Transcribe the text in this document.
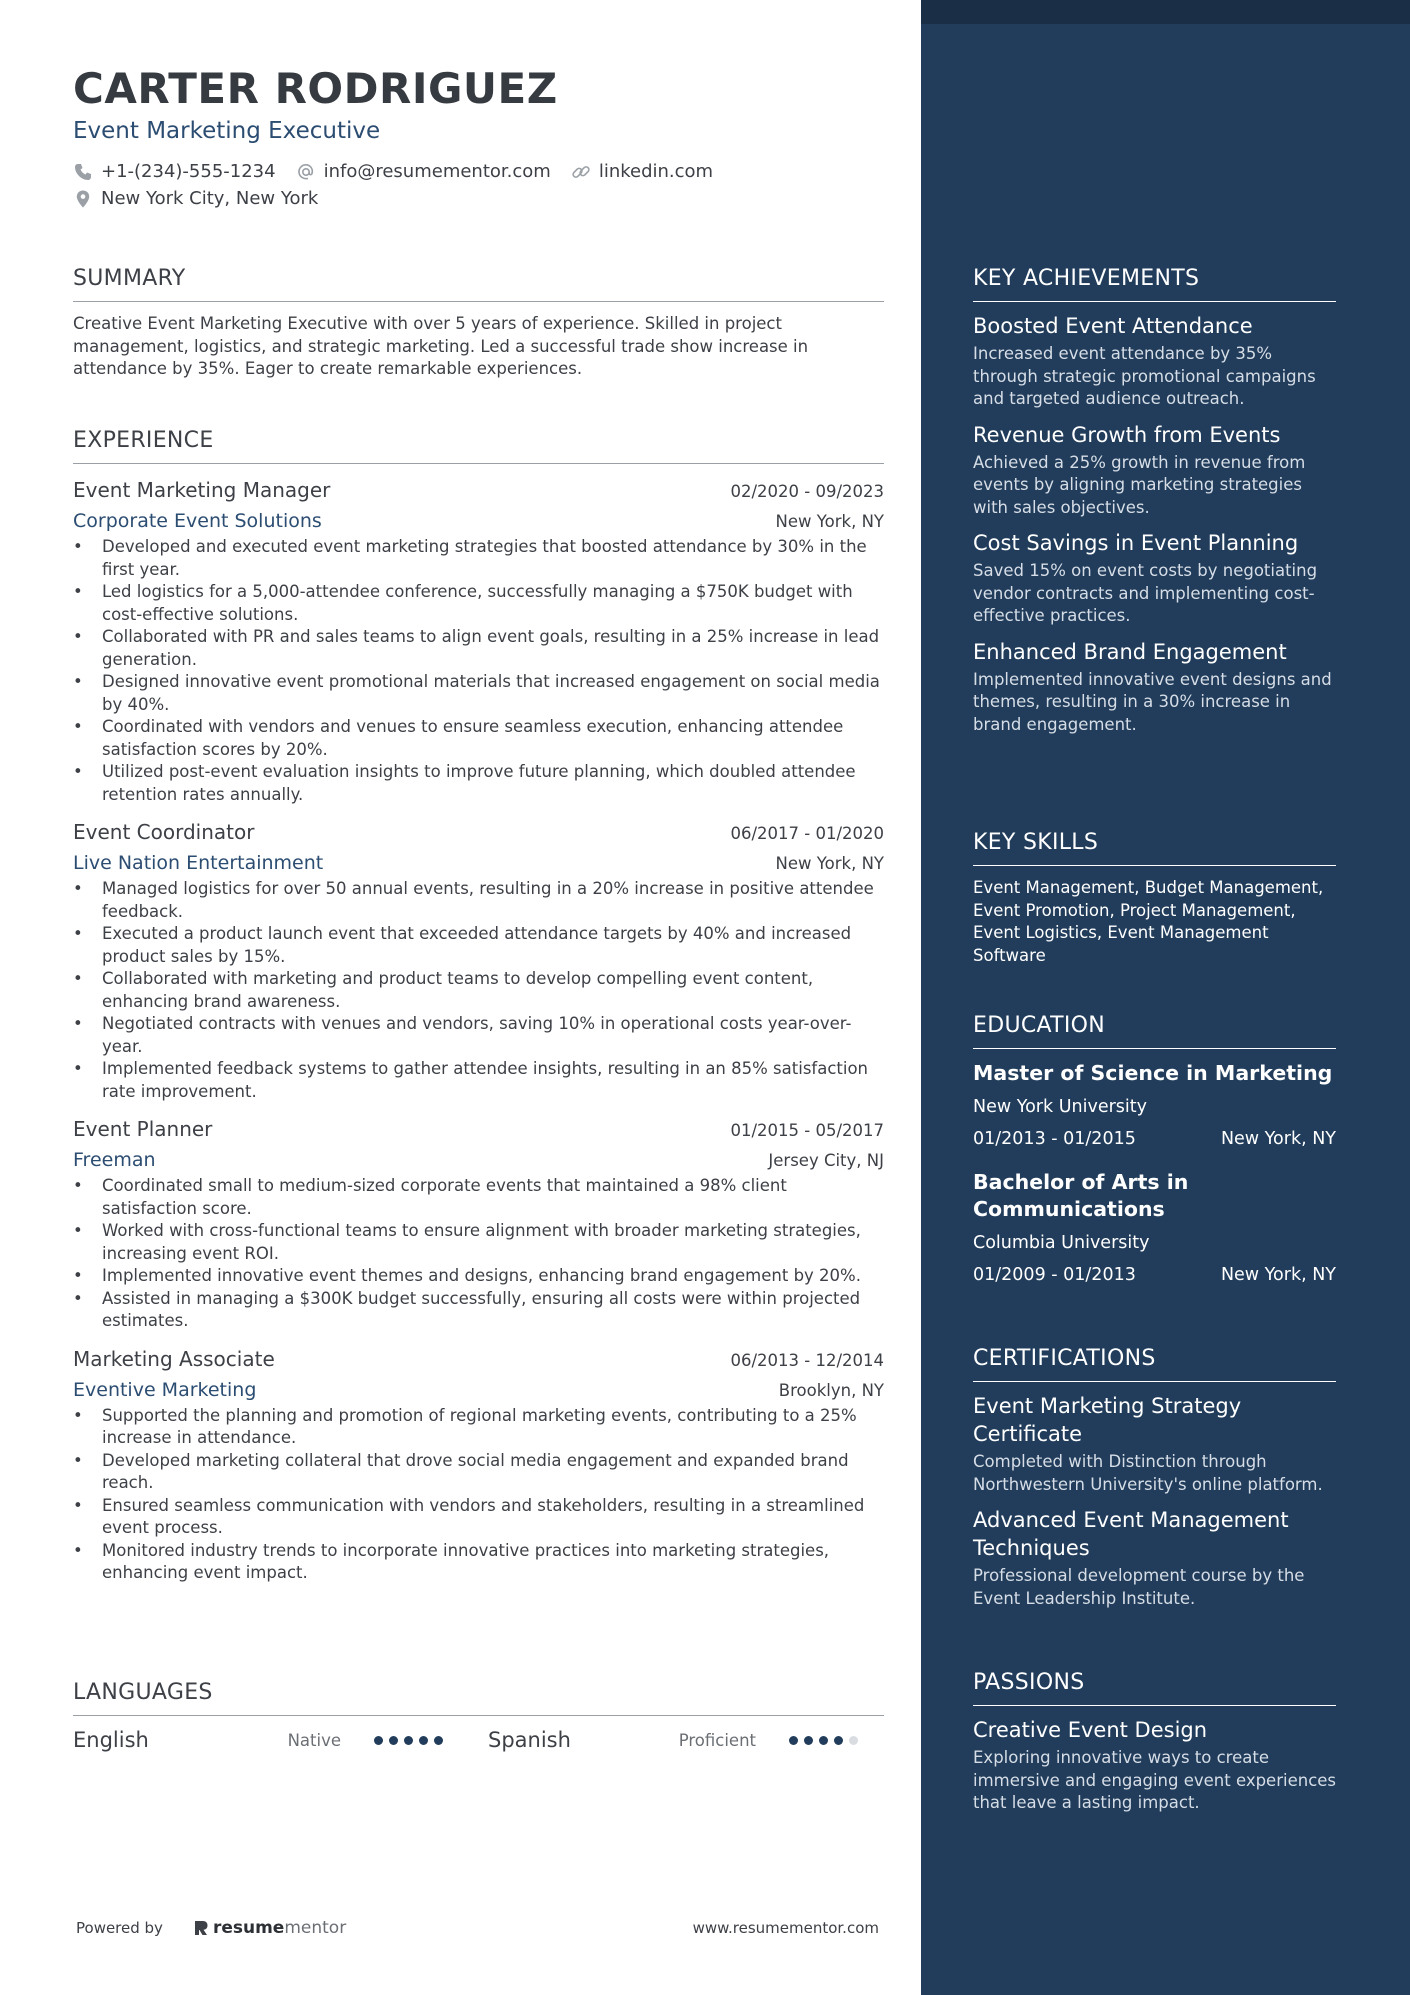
CARTER RODRIGUEZ
Event Marketing Executive
+1-(234)-555-1234	info@resumementor.com	linkedin.com
New York City, New York
SUMMARY
Creative Event Marketing Executive with over 5 years of experience. Skilled in project management, logistics, and strategic marketing. Led a successful trade show increase in attendance by 35%. Eager to create remarkable experiences.
EXPERIENCE
Event Marketing Manager	02/2020 - 09/2023
Corporate Event Solutions	New York, NY
• Developed and executed event marketing strategies that boosted attendance by 30% in the first year.
• Led logistics for a 5,000-attendee conference, successfully managing a $750K budget with cost-effective solutions.
• Collaborated with PR and sales teams to align event goals, resulting in a 25% increase in lead generation.
• Designed innovative event promotional materials that increased engagement on social media by 40%.
• Coordinated with vendors and venues to ensure seamless execution, enhancing attendee satisfaction scores by 20%.
• Utilized post-event evaluation insights to improve future planning, which doubled attendee retention rates annually.
Event Coordinator	06/2017 - 01/2020
Live Nation Entertainment	New York, NY
• Managed logistics for over 50 annual events, resulting in a 20% increase in positive attendee feedback.
• Executed a product launch event that exceeded attendance targets by 40% and increased product sales by 15%.
• Collaborated with marketing and product teams to develop compelling event content, enhancing brand awareness.
• Negotiated contracts with venues and vendors, saving 10% in operational costs year-over-year.
• Implemented feedback systems to gather attendee insights, resulting in an 85% satisfaction rate improvement.
Event Planner	01/2015 - 05/2017
Freeman	Jersey City, NJ
• Coordinated small to medium-sized corporate events that maintained a 98% client satisfaction score.
• Worked with cross-functional teams to ensure alignment with broader marketing strategies, increasing event ROI.
• Implemented innovative event themes and designs, enhancing brand engagement by 20%.
• Assisted in managing a $300K budget successfully, ensuring all costs were within projected estimates.
Marketing Associate	06/2013 - 12/2014
Eventive Marketing	Brooklyn, NY
• Supported the planning and promotion of regional marketing events, contributing to a 25% increase in attendance.
• Developed marketing collateral that drove social media engagement and expanded brand reach.
• Ensured seamless communication with vendors and stakeholders, resulting in a streamlined event process.
• Monitored industry trends to incorporate innovative practices into marketing strategies, enhancing event impact.
LANGUAGES
English	Native	Spanish	Proficient
Powered by	resume mentor	www.resumementor.com
KEY ACHIEVEMENTS
Boosted Event Attendance
Increased event attendance by 35% through strategic promotional campaigns and targeted audience outreach.
Revenue Growth from Events
Achieved a 25% growth in revenue from events by aligning marketing strategies with sales objectives.
Cost Savings in Event Planning
Saved 15% on event costs by negotiating vendor contracts and implementing cost-effective practices.
Enhanced Brand Engagement
Implemented innovative event designs and themes, resulting in a 30% increase in brand engagement.
KEY SKILLS
Event Management, Budget Management, Event Promotion, Project Management, Event Logistics, Event Management Software
EDUCATION
Master of Science in Marketing
New York University
01/2013 - 01/2015	New York, NY
Bachelor of Arts in Communications
Columbia University
01/2009 - 01/2013	New York, NY
CERTIFICATIONS
Event Marketing Strategy Certificate
Completed with Distinction through Northwestern University's online platform.
Advanced Event Management Techniques
Professional development course by the Event Leadership Institute.
PASSIONS
Creative Event Design
Exploring innovative ways to create immersive and engaging event experiences that leave a lasting impact.
